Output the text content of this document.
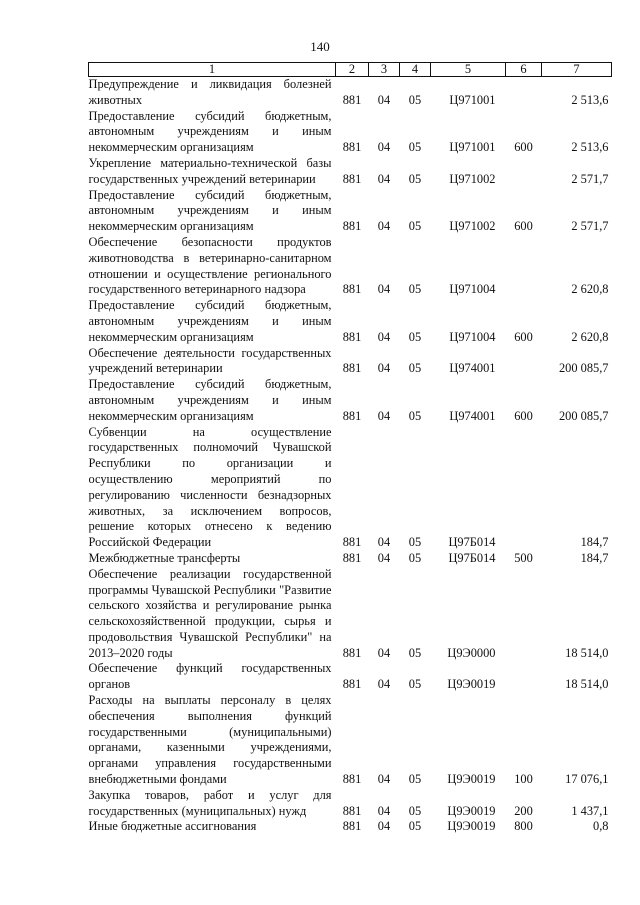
140
1	2	3	4	5	6	7
Предупреждение и ликвидация болезней животных	881	04	05	Ц971001		2 513,6
Предоставление субсидий бюджетным, автономным учреждениям и иным некоммерческим организациям	881	04	05	Ц971001	600	2 513,6
Укрепление материально-технической базы государственных учреждений ветеринарии	881	04	05	Ц971002		2 571,7
Предоставление субсидий бюджетным, автономным учреждениям и иным некоммерческим организациям	881	04	05	Ц971002	600	2 571,7
Обеспечение безопасности продуктов животноводства в ветеринарно-санитарном отношении и осуществление регионального государственного ветеринарного надзора	881	04	05	Ц971004		2 620,8
Предоставление субсидий бюджетным, автономным учреждениям и иным некоммерческим организациям	881	04	05	Ц971004	600	2 620,8
Обеспечение деятельности государственных учреждений ветеринарии	881	04	05	Ц974001		200 085,7
Предоставление субсидий бюджетным, автономным учреждениям и иным некоммерческим организациям	881	04	05	Ц974001	600	200 085,7
Субвенции на осуществление государственных полномочий Чувашской Республики по организации и осуществлению мероприятий по регулированию численности безнадзорных животных, за исключением вопросов, решение которых отнесено к ведению Российской Федерации	881	04	05	Ц97Б014		184,7
Межбюджетные трансферты	881	04	05	Ц97Б014	500	184,7
Обеспечение реализации государственной программы Чувашской Республики "Развитие сельского хозяйства и регулирование рынка сельскохозяйственной продукции, сырья и продовольствия Чувашской Республики" на 2013–2020 годы	881	04	05	Ц9Э0000		18 514,0
Обеспечение функций государственных органов	881	04	05	Ц9Э0019		18 514,0
Расходы на выплаты персоналу в целях обеспечения выполнения функций государственными (муниципальными) органами, казенными учреждениями, органами управления государственными внебюджетными фондами	881	04	05	Ц9Э0019	100	17 076,1
Закупка товаров, работ и услуг для государственных (муниципальных) нужд	881	04	05	Ц9Э0019	200	1 437,1
Иные бюджетные ассигнования	881	04	05	Ц9Э0019	800	0,8
